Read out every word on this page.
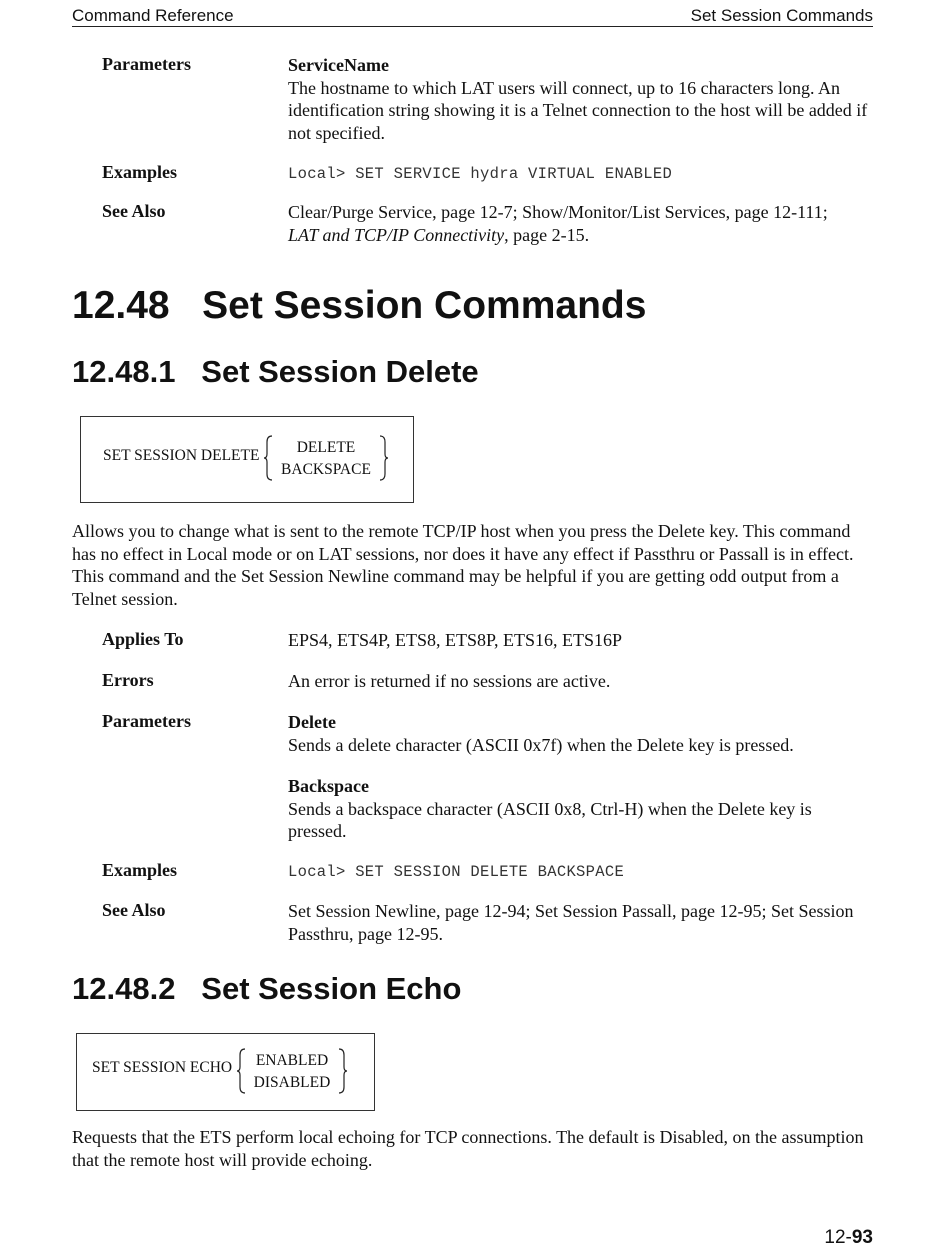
Command Reference	Set Session Commands
Parameters	ServiceName
The hostname to which LAT users will connect, up to 16 characters long. An identification string showing it is a Telnet connection to the host will be added if not specified.
Examples	Local> SET SERVICE hydra VIRTUAL ENABLED
See Also	Clear/Purge Service, page 12-7; Show/Monitor/List Services, page 12-111;
LAT and TCP/IP Connectivity, page 2-15.
12.48 Set Session Commands
12.48.1 Set Session Delete
SET SESSION DELETE	DELETE
BACKSPACE
Allows you to change what is sent to the remote TCP/IP host when you press the Delete key. This command has no effect in Local mode or on LAT sessions, nor does it have any effect if Passthru or Passall is in effect. This command and the Set Session Newline command may be helpful if you are getting odd output from a Telnet session.
Applies To	EPS4, ETS4P, ETS8, ETS8P, ETS16, ETS16P
Errors	An error is returned if no sessions are active.
Parameters	Delete
Sends a delete character (ASCII 0x7f) when the Delete key is pressed.
Backspace
Sends a backspace character (ASCII 0x8, Ctrl-H) when the Delete key is pressed.
Examples	Local> SET SESSION DELETE BACKSPACE
See Also	Set Session Newline, page 12-94; Set Session Passall, page 12-95; Set Session Passthru, page 12-95.
12.48.2 Set Session Echo
SET SESSION ECHO	ENABLED
DISABLED
Requests that the ETS perform local echoing for TCP connections. The default is Disabled, on the assumption that the remote host will provide echoing.
12-93
